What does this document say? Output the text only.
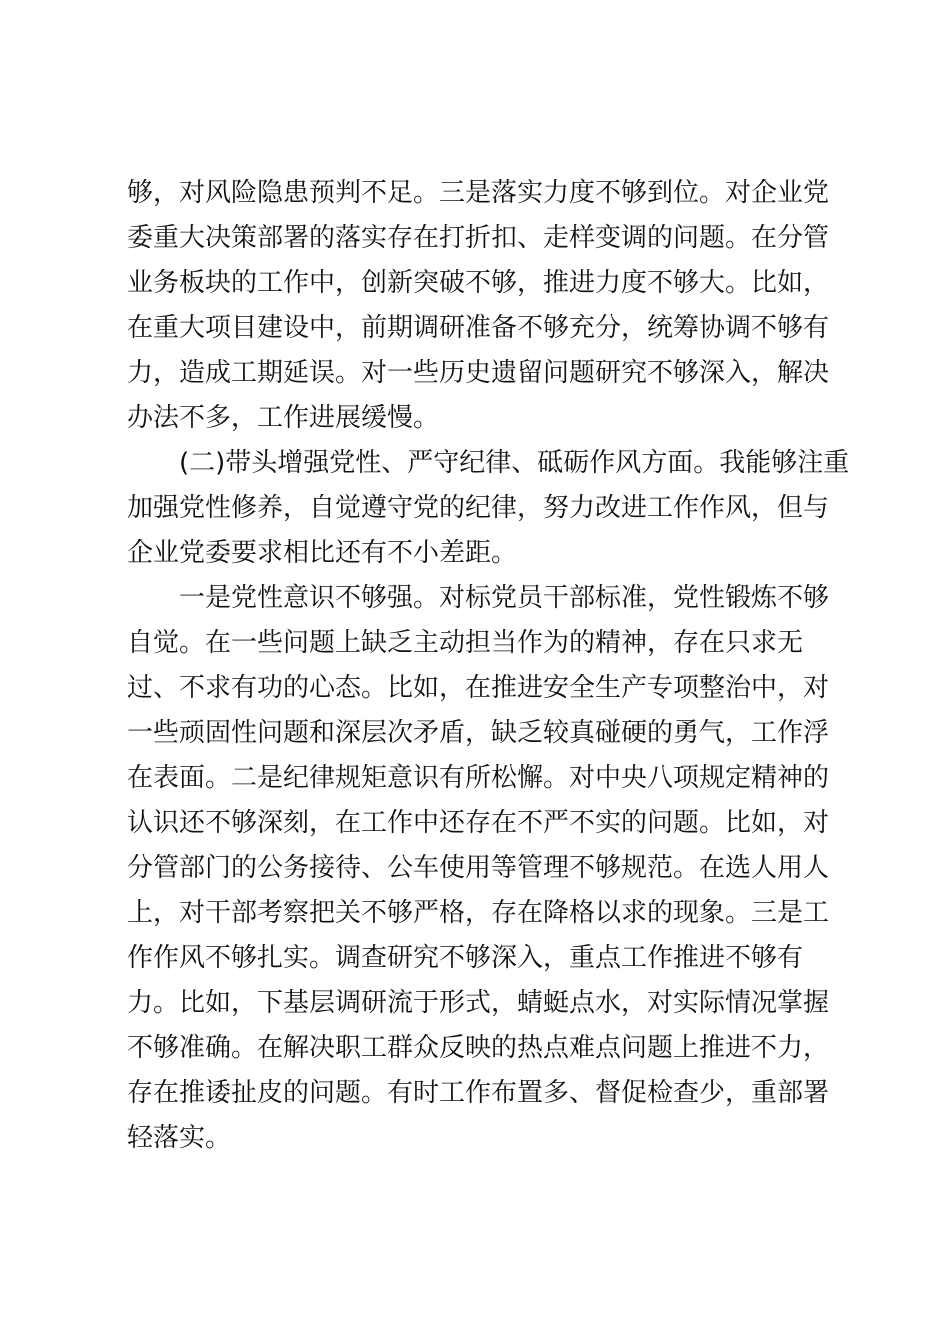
够，对风险隐患预判不足。三是落实力度不够到位。对企业党
委重大决策部署的落实存在打折扣、走样变调的问题。在分管
业务板块的工作中，创新突破不够，推进力度不够大。比如，
在重大项目建设中，前期调研准备不够充分，统筹协调不够有
力，造成工期延误。对一些历史遗留问题研究不够深入，解决
办法不多，工作进展缓慢。
　　(二)带头增强党性、严守纪律、砥砺作风方面。我能够注重
加强党性修养，自觉遵守党的纪律，努力改进工作作风，但与
企业党委要求相比还有不小差距。
　　一是党性意识不够强。对标党员干部标准，党性锻炼不够
自觉。在一些问题上缺乏主动担当作为的精神，存在只求无
过、不求有功的心态。比如，在推进安全生产专项整治中，对
一些顽固性问题和深层次矛盾，缺乏较真碰硬的勇气，工作浮
在表面。二是纪律规矩意识有所松懈。对中央八项规定精神的
认识还不够深刻，在工作中还存在不严不实的问题。比如，对
分管部门的公务接待、公车使用等管理不够规范。在选人用人
上，对干部考察把关不够严格，存在降格以求的现象。三是工
作作风不够扎实。调查研究不够深入，重点工作推进不够有
力。比如，下基层调研流于形式，蜻蜓点水，对实际情况掌握
不够准确。在解决职工群众反映的热点难点问题上推进不力，
存在推诿扯皮的问题。有时工作布置多、督促检查少，重部署
轻落实。
